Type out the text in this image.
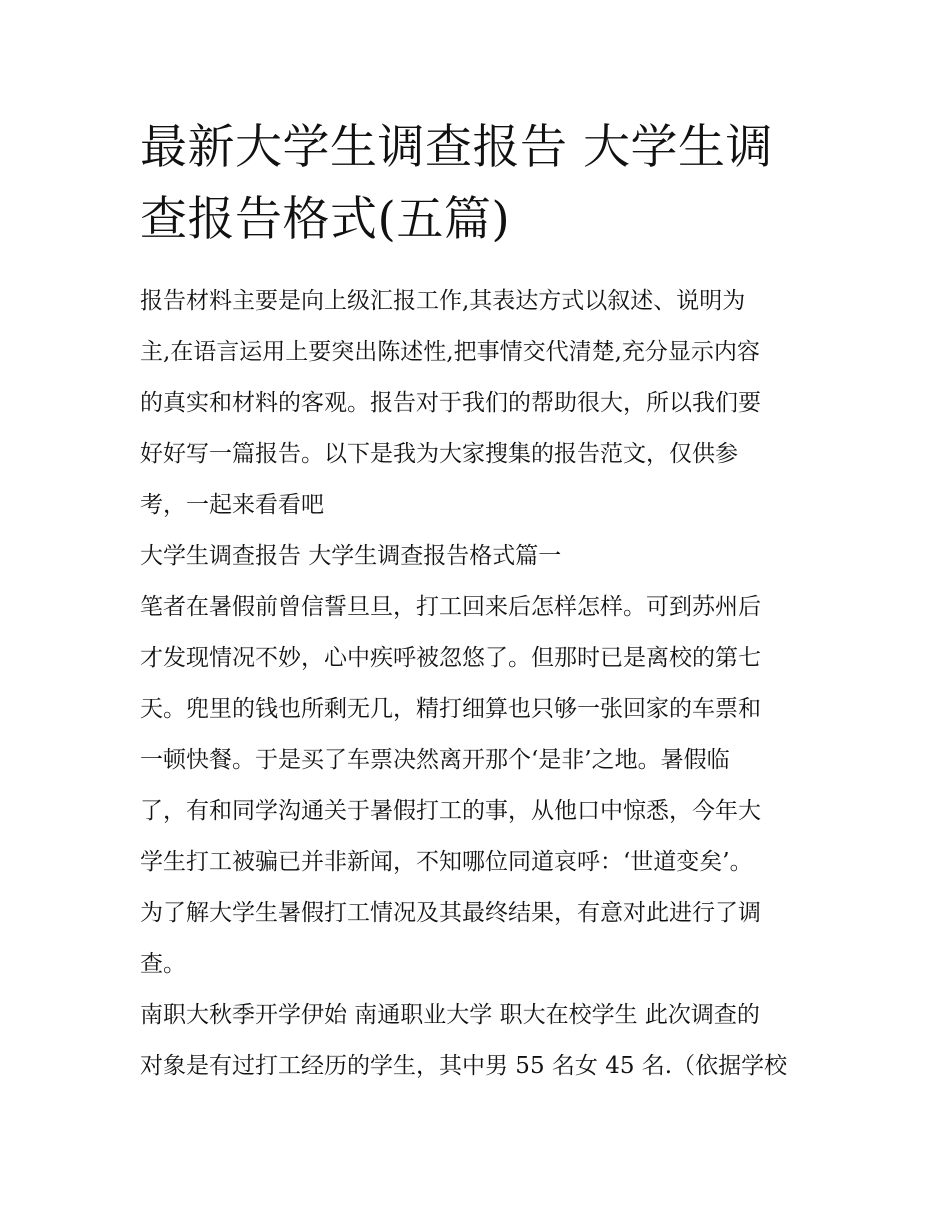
最新大学生调查报告 大学生调
查报告格式(五篇)

报告材料主要是向上级汇报工作,其表达方式以叙述、说明为
主,在语言运用上要突出陈述性,把事情交代清楚,充分显示内容
的真实和材料的客观。报告对于我们的帮助很大，所以我们要
好好写一篇报告。以下是我为大家搜集的报告范文，仅供参
考，一起来看看吧

大学生调查报告 大学生调查报告格式篇一

笔者在暑假前曾信誓旦旦，打工回来后怎样怎样。可到苏州后
才发现情况不妙，心中疾呼被忽悠了。但那时已是离校的第七
天。兜里的钱也所剩无几，精打细算也只够一张回家的车票和
一顿快餐。于是买了车票决然离开那个‘是非’之地。暑假临
了，有和同学沟通关于暑假打工的事，从他口中惊悉，今年大
学生打工被骗已并非新闻，不知哪位同道哀呼：‘世道变矣’。
为了解大学生暑假打工情况及其最终结果，有意对此进行了调
查。

南职大秋季开学伊始 南通职业大学 职大在校学生 此次调查的
对象是有过打工经历的学生，其中男 55 名女 45 名.（依据学校
